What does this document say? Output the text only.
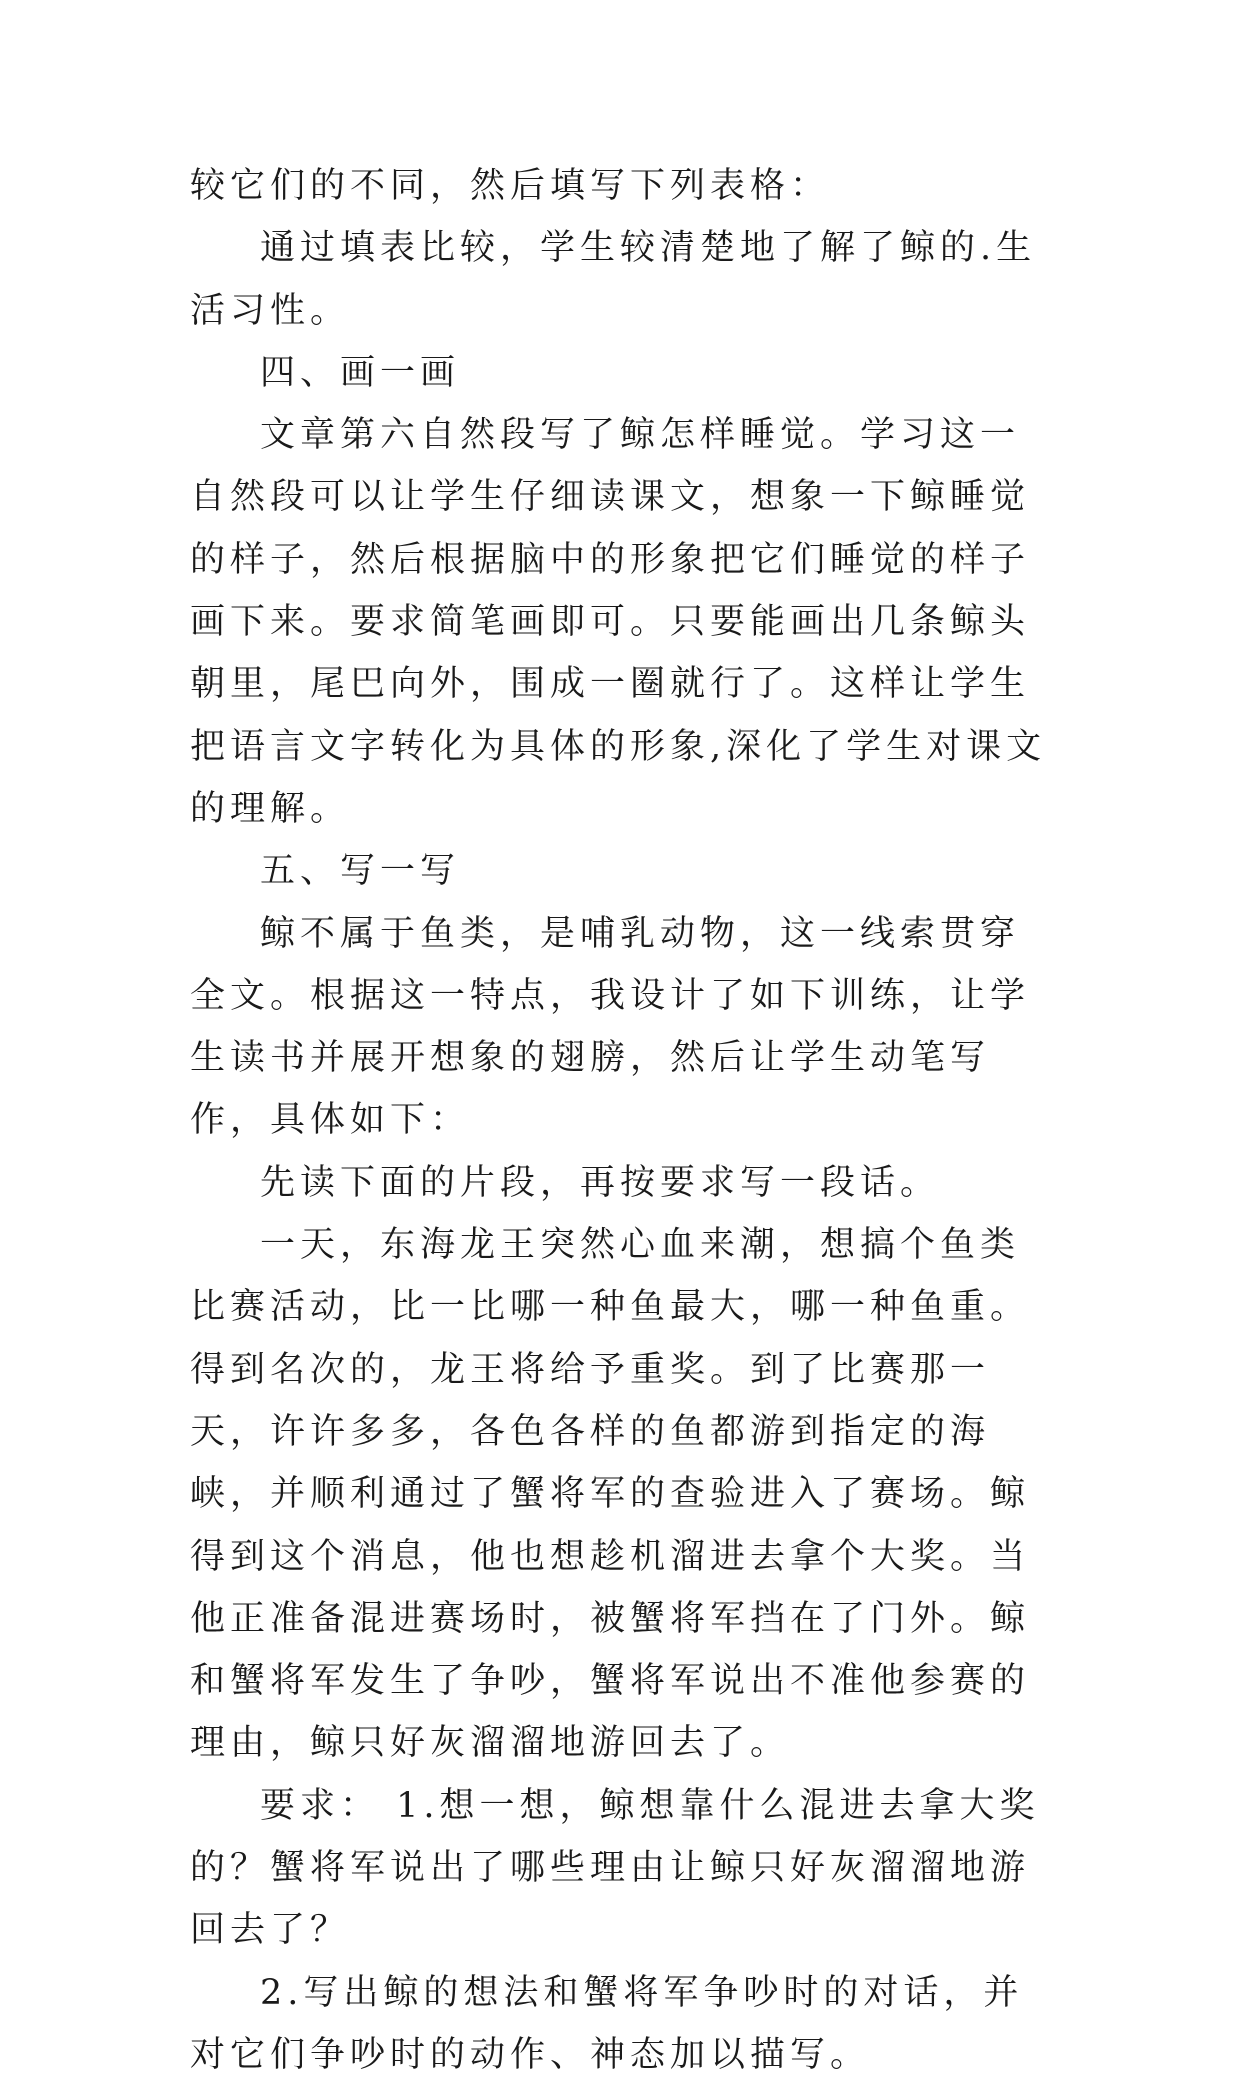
较它们的不同，然后填写下列表格：

通过填表比较，学生较清楚地了解了鲸的.生活习性。

四、画一画

文章第六自然段写了鲸怎样睡觉。学习这一自然段可以让学生仔细读课文，想象一下鲸睡觉的样子，然后根据脑中的形象把它们睡觉的样子画下来。要求简笔画即可。只要能画出几条鲸头朝里，尾巴向外，围成一圈就行了。这样让学生把语言文字转化为具体的形象,深化了学生对课文的理解。

五、写一写

鲸不属于鱼类，是哺乳动物，这一线索贯穿全文。根据这一特点，我设计了如下训练，让学生读书并展开想象的翅膀，然后让学生动笔写作，具体如下：

先读下面的片段，再按要求写一段话。

一天，东海龙王突然心血来潮，想搞个鱼类比赛活动，比一比哪一种鱼最大，哪一种鱼重。得到名次的，龙王将给予重奖。到了比赛那一天，许许多多，各色各样的鱼都游到指定的海峡，并顺利通过了蟹将军的查验进入了赛场。鲸得到这个消息，他也想趁机溜进去拿个大奖。当他正准备混进赛场时，被蟹将军挡在了门外。鲸和蟹将军发生了争吵，蟹将军说出不准他参赛的理由，鲸只好灰溜溜地游回去了。

要求： 1.想一想，鲸想靠什么混进去拿大奖的？蟹将军说出了哪些理由让鲸只好灰溜溜地游回去了？

2.写出鲸的想法和蟹将军争吵时的对话，并对它们争吵时的动作、神态加以描写。
